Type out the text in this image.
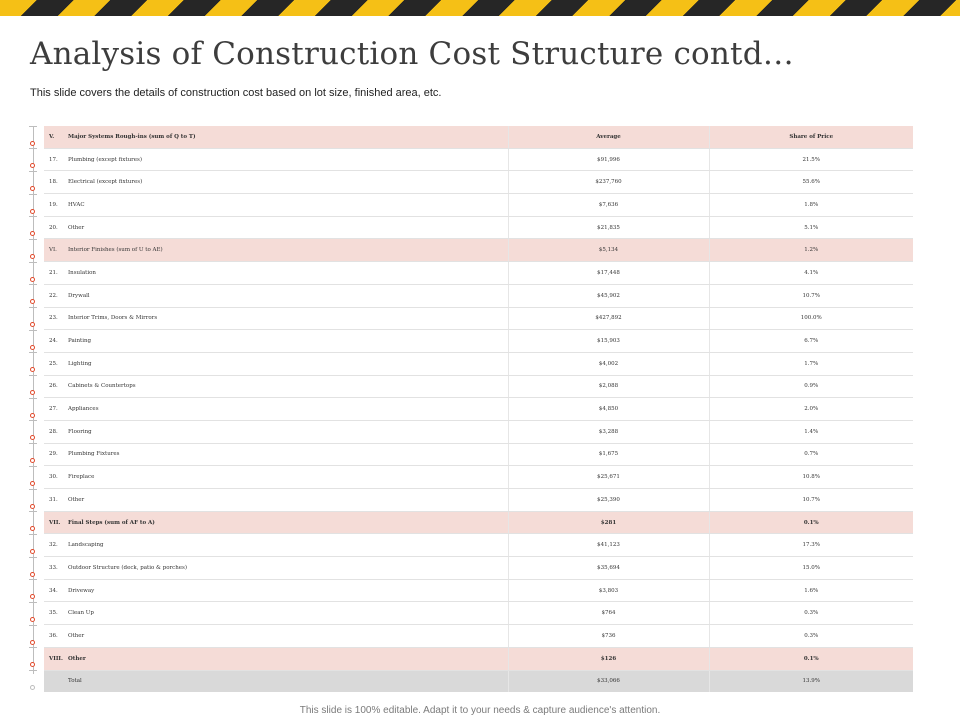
Analysis of Construction Cost Structure contd…
This slide covers the details of construction cost based on lot size, finished area, etc.
V. Major Systems Rough-ins (sum of Q to T)	Average	Share of Price
17. Plumbing (except fixtures)	$91,996	21.5%
18. Electrical (except fixtures)	$237,760	55.6%
19. HVAC	$7,636	1.8%
20. Other	$21,835	5.1%
VI. Interior Finishes (sum of U to AE)	$5,134	1.2%
21. Insulation	$17,448	4.1%
22. Drywall	$45,902	10.7%
23. Interior Trims, Doors & Mirrors	$427,892	100.0%
24. Painting	$15,903	6.7%
25. Lighting	$4,002	1.7%
26. Cabinets & Countertops	$2,088	0.9%
27. Appliances	$4,850	2.0%
28. Flooring	$3,288	1.4%
29. Plumbing Fixtures	$1,675	0.7%
30. Fireplace	$25,671	10.8%
31. Other	$25,390	10.7%
VII. Final Steps (sum of AF to A)	$281	0.1%
32. Landscaping	$41,123	17.3%
33. Outdoor Structure (deck, patio & porches)	$35,694	15.0%
34. Driveway	$3,803	1.6%
35. Clean Up	$764	0.3%
36. Other	$736	0.3%
VIII. Other	$126	0.1%
Total	$33,066	13.9%
This slide is 100% editable. Adapt it to your needs & capture audience's attention.
